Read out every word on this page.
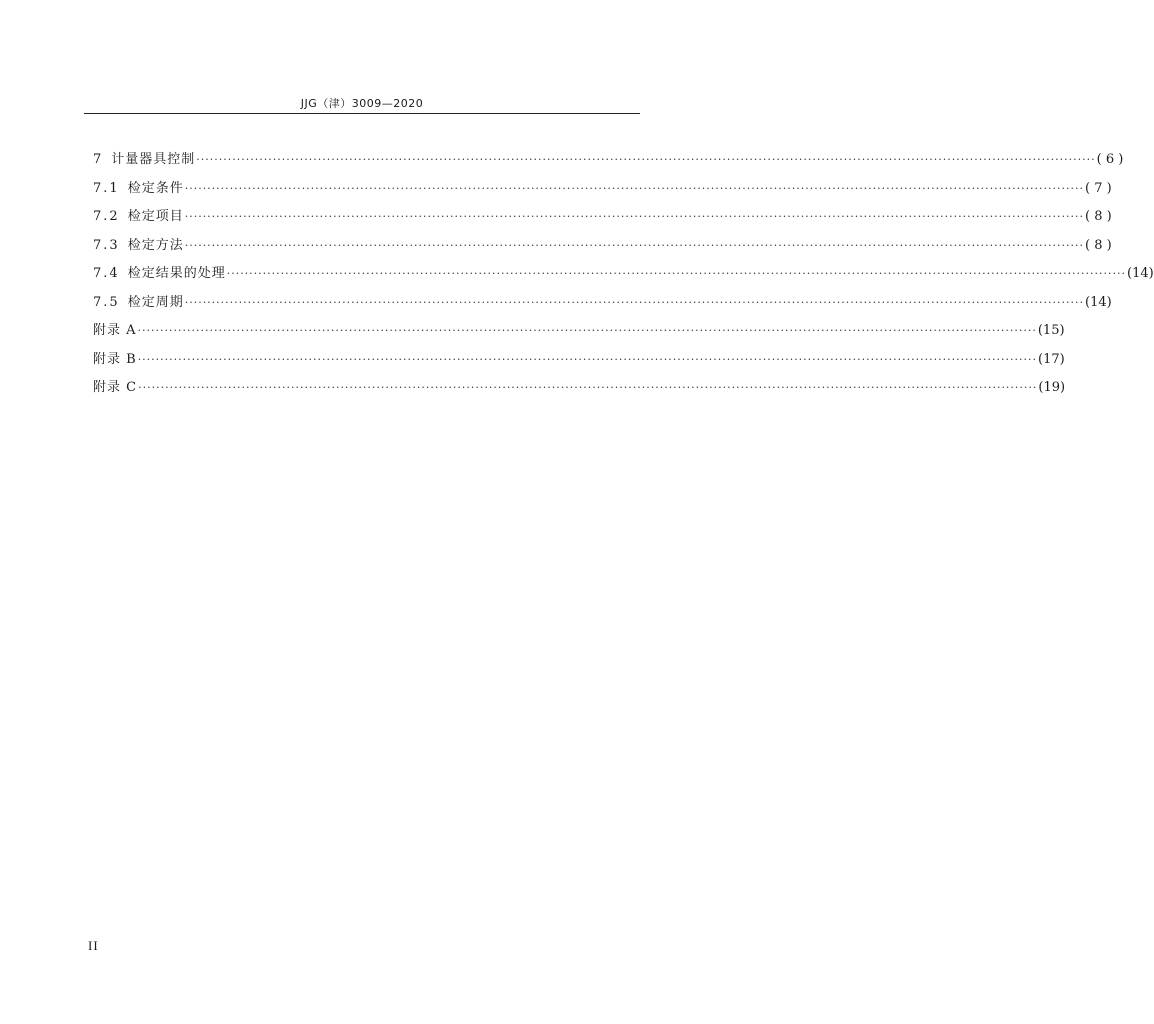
JJG（津）3009—2020
7 计量器具控制 ········································································································································································································ ( 6 )
7.1 检定条件 ········································································································································································································ ( 7 )
7.2 检定项目 ········································································································································································································ ( 8 )
7.3 检定方法 ········································································································································································································ ( 8 )
7.4 检定结果的处理 ········································································································································································································ (14)
7.5 检定周期 ········································································································································································································ (14)
附录 A ········································································································································································································ (15)
附录 B ········································································································································································································ (17)
附录 C ········································································································································································································ (19)
II
